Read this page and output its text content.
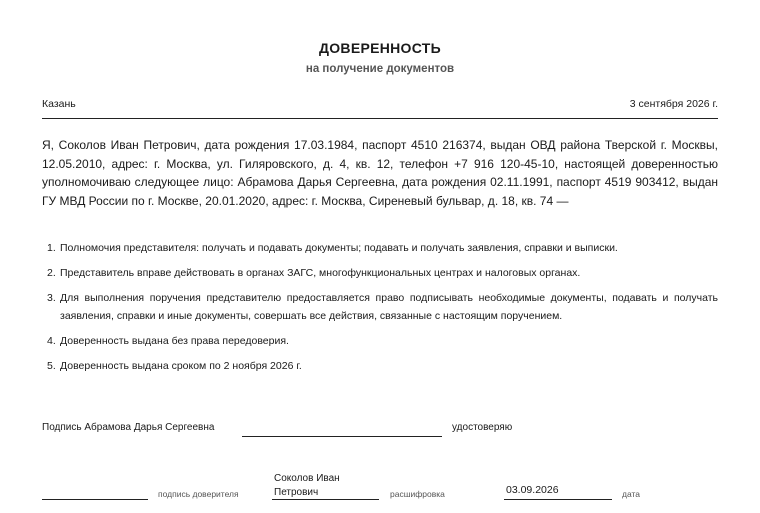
ДОВЕРЕННОСТЬ
на получение документов
Казань	3 сентября 2026 г.
Я, Соколов Иван Петрович, дата рождения 17.03.1984, паспорт 4510 216374, выдан ОВД района Тверской г. Москвы, 12.05.2010, адрес: г. Москва, ул. Гиляровского, д. 4, кв. 12, телефон +7 916 120-45-10, настоящей доверенностью уполномочиваю следующее лицо: Абрамова Дарья Сергеевна, дата рождения 02.11.1991, паспорт 4519 903412, выдан ГУ МВД России по г. Москве, 20.01.2020, адрес: г. Москва, Сиреневый бульвар, д. 18, кв. 74 —
1. Полномочия представителя: получать и подавать документы; подавать и получать заявления, справки и выписки.
2. Представитель вправе действовать в органах ЗАГС, многофункциональных центрах и налоговых органах.
3. Для выполнения поручения представителю предоставляется право подписывать необходимые документы, подавать и получать заявления, справки и иные документы, совершать все действия, связанные с настоящим поручением.
4. Доверенность выдана без права передоверия.
5. Доверенность выдана сроком по 2 ноября 2026 г.
Подпись Абрамова Дарья Сергеевна	удостоверяю
подпись доверителя
Соколов Иван
Петрович	расшифровка	03.09.2026	дата
